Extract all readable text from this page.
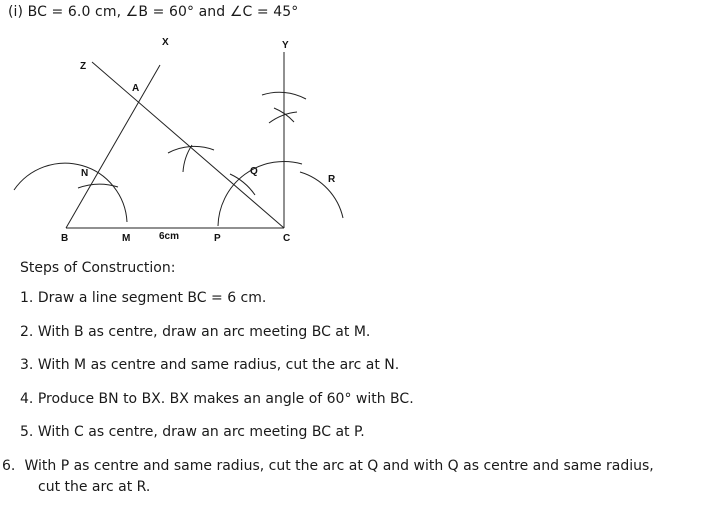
(i) BC = 6.0 cm, ∠B = 60° and ∠C = 45°
B	M	6cm	P	C
N
A
Q
R
X	Y
Z
Steps of Construction:
1. Draw a line segment BC = 6 cm.
2. With B as centre, draw an arc meeting BC at M.
3. With M as centre and same radius, cut the arc at N.
4. Produce BN to BX. BX makes an angle of 60° with BC.
5. With C as centre, draw an arc meeting BC at P.
6. With P as centre and same radius, cut the arc at Q and with Q as centre and same radius, cut the arc at R.
